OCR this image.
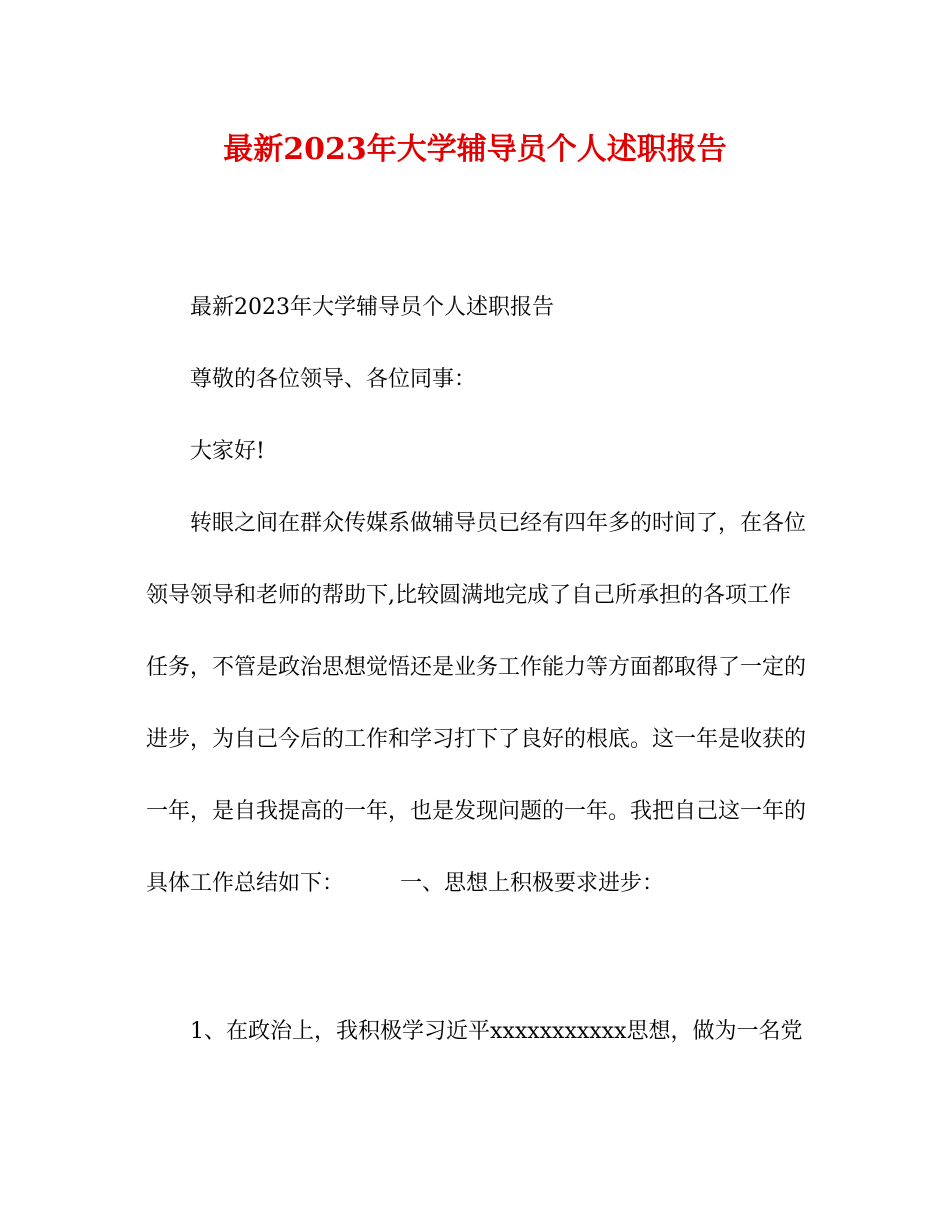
最新2023年大学辅导员个人述职报告
最新2023年大学辅导员个人述职报告
尊敬的各位领导、各位同事：
大家好!
转眼之间在群众传媒系做辅导员已经有四年多的时间了，在各位
领导领导和老师的帮助下,比较圆满地完成了自己所承担的各项工作
任务，不管是政治思想觉悟还是业务工作能力等方面都取得了一定的
进步，为自己今后的工作和学习打下了良好的根底。这一年是收获的
一年，是自我提高的一年，也是发现问题的一年。我把自己这一年的
具体工作总结如下：	一、思想上积极要求进步：
1、在政治上，我积极学习近平xxxxxxxxxxx思想，做为一名党
